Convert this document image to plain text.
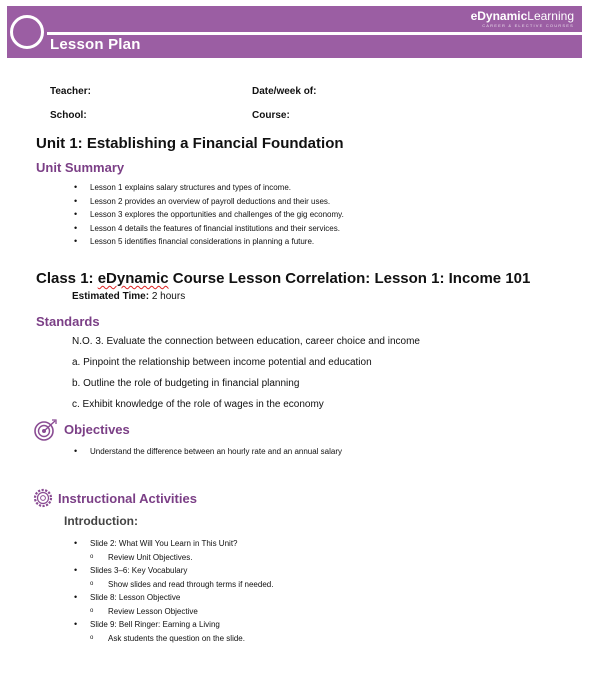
Lesson Plan
eDynamicLearning
CAREER & ELECTIVE COURSES
Teacher:	Date/week of:
School:	Course:
Unit 1: Establishing a Financial Foundation
Unit Summary
• Lesson 1 explains salary structures and types of income.
• Lesson 2 provides an overview of payroll deductions and their uses.
• Lesson 3 explores the opportunities and challenges of the gig economy.
• Lesson 4 details the features of financial institutions and their services.
• Lesson 5 identifies financial considerations in planning a future.
Class 1: eDynamic Course Lesson Correlation: Lesson 1: Income 101
Estimated Time: 2 hours
Standards
N.O. 3. Evaluate the connection between education, career choice and income
a. Pinpoint the relationship between income potential and education
b. Outline the role of budgeting in financial planning
c. Exhibit knowledge of the role of wages in the economy
Objectives
• Understand the difference between an hourly rate and an annual salary
Instructional Activities
Introduction:
• Slide 2: What Will You Learn in This Unit?
o Review Unit Objectives.
• Slides 3–6: Key Vocabulary
o Show slides and read through terms if needed.
• Slide 8: Lesson Objective
o Review Lesson Objective
• Slide 9: Bell Ringer: Earning a Living
o Ask students the question on the slide.
